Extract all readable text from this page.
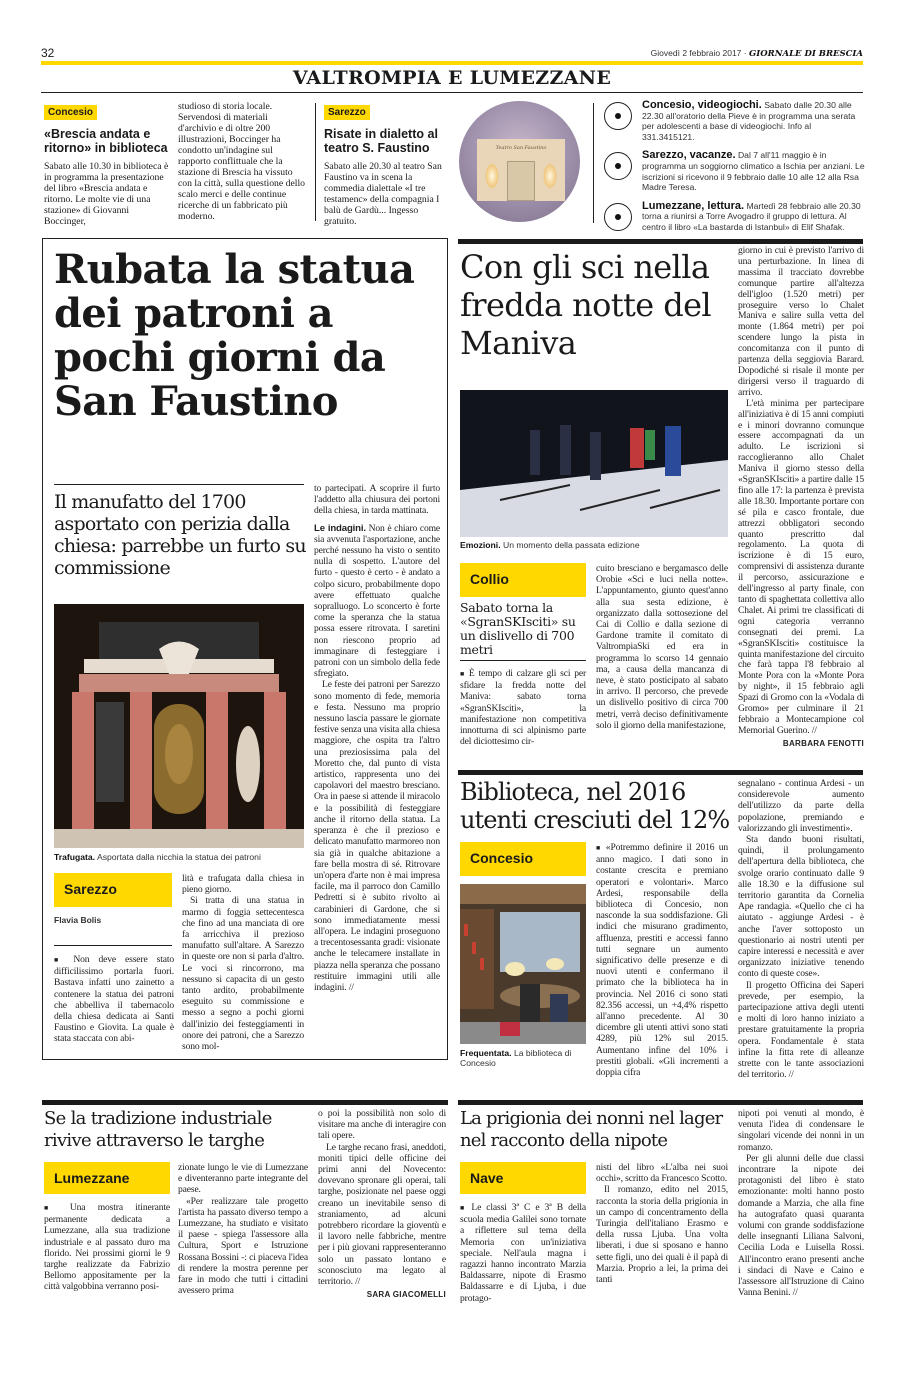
32	Giovedì 2 febbraio 2017 · GIORNALE DI BRESCIA
VALTROMPIA E LUMEZZANE
Concesio
«Brescia andata e ritorno» in biblioteca
Sabato alle 10.30 in biblioteca è in programma la presentazione del libro «Brescia andata e ritorno. Le molte vie di una stazione» di Giovanni Boccinger,
studioso di storia locale. Servendosi di materiali d'archivio e di oltre 200 illustrazioni, Boccinger ha condotto un'indagine sul rapporto conflittuale che la stazione di Brescia ha vissuto con la città, sulla questione dello scalo merci e delle continue ricerche di un fabbricato più moderno.
Sarezzo
Risate in dialetto al teatro S. Faustino
Sabato alle 20.30 al teatro San Faustino va in scena la commedia dialettale «I tre testamenc» della compagnia I balù de Gardù... Ingesso gratuito.
Teatro San Faustino
Concesio, videogiochi. Sabato dalle 20.30 alle 22.30 all'oratorio della Pieve è in programma una serata per adolescenti a base di videogiochi. Info al 331.3415121.
Sarezzo, vacanze. Dal 7 all'11 maggio è in programma un soggiorno climatico a Ischia per anziani. Le iscrizioni si ricevono il 9 febbraio dalle 10 alle 12 alla Rsa Madre Teresa.
Lumezzane, lettura. Martedì 28 febbraio alle 20.30 torna a riunirsi a Torre Avogadro il gruppo di lettura. Al centro il libro «La bastarda di Istanbul» di Elif Shafak.
Rubata la statua dei patroni a pochi giorni da San Faustino
Il manufatto del 1700 asportato con perizia dalla chiesa: parrebbe un furto su commissione
Trafugata. Asportata dalla nicchia la statua dei patroni
Sarezzo
Flavia Bolis

■ Non deve essere stato difficilissimo portarla fuori. Bastava infatti uno zainetto a contenere la statua dei patroni che abbelliva il tabernacolo della chiesa dedicata ai Santi Faustino e Giovita. La quale è stata staccata con abi-

lità e trafugata dalla chiesa in pieno giorno.

Si tratta di una statua in marmo di foggia settecentesca che fino ad una manciata di ore fa arricchiva il prezioso manufatto sull'altare. A Sarezzo in queste ore non si parla d'altro. Le voci si rincorrono, ma nessuno si capacita di un gesto tanto ardito, probabilmente eseguito su commissione e messo a segno a pochi giorni dall'inizio dei festeggiamenti in onore dei patroni, che a Sarezzo sono mol-

to partecipati. A scoprire il furto l'addetto alla chiusura dei portoni della chiesa, in tarda mattinata.

Le indagini. Non è chiaro come sia avvenuta l'asportazione, anche perché nessuno ha visto o sentito nulla di sospetto. L'autore del furto - questo è certo - è andato a colpo sicuro, probabilmente dopo avere effettuato qualche sopralluogo. Lo sconcerto è forte come la speranza che la statua possa essere ritrovata. I saretini non riescono proprio ad immaginare di festeggiare i patroni con un simbolo della fede sfregiato.

Le feste dei patroni per Sarezzo sono momento di fede, memoria e festa. Nessuno ma proprio nessuno lascia passare le giornate festive senza una visita alla chiesa maggiore, che ospita tra l'altro una preziosissima pala del Moretto che, dal punto di vista artistico, rappresenta uno dei capolavori del maestro bresciano. Ora in paese si attende il miracolo e la possibilità di festeggiare anche il ritorno della statua. La speranza è che il prezioso e delicato manufatto marmoreo non sia già in qualche abitazione a fare bella mostra di sé. Ritrovare un'opera d'arte non è mai impresa facile, ma il parroco don Camillo Pedretti si è subito rivolto ai carabinieri di Gardone, che si sono immediatamente messi all'opera. Le indagini proseguono a trecentosessanta gradi: visionate anche le telecamere installate in piazza nella speranza che possano restituire immagini utili alle indagini. //

Con gli sci nella fredda notte del Maniva
Emozioni. Un momento della passata edizione
Collio
Sabato torna la «SgranSKIsciti» su un dislivello di 700 metri

■ È tempo di calzare gli sci per sfidare la fredda notte del Maniva: sabato torna «SgranSKIsciti», la manifestazione non competitiva innotturna di sci alpinismo parte del diciottesimo cir-

cuito bresciano e bergamasco delle Orobie «Sci e luci nella notte». L'appuntamento, giunto quest'anno alla sua sesta edizione, è organizzato dalla sottosezione del Cai di Collio e dalla sezione di Gardone tramite il comitato di ValtrompiaSki ed era in programma lo scorso 14 gennaio ma, a causa della mancanza di neve, è stato posticipato al sabato in arrivo. Il percorso, che prevede un dislivello positivo di circa 700 metri, verrà deciso definitivamente solo il giorno della manifestazione,

giorno in cui è previsto l'arrivo di una perturbazione. In linea di massima il tracciato dovrebbe comunque partire all'altezza dell'igloo (1.520 metri) per proseguire verso lo Chalet Maniva e salire sulla vetta del monte (1.864 metri) per poi scendere lungo la pista in concomitanza con il punto di partenza della seggiovia Barard. Dopodiché si risale il monte per dirigersi verso il traguardo di arrivo.

L'età minima per partecipare all'iniziativa è di 15 anni compiuti e i minori dovranno comunque essere accompagnati da un adulto. Le iscrizioni si raccoglieranno allo Chalet Maniva il giorno stesso della «SgranSKIsciti» a partire dalle 15 fino alle 17: la partenza è prevista alle 18.30. Importante portare con sé pila e casco frontale, due attrezzi obbligatori secondo quanto prescritto dal regolamento. La quota di iscrizione è di 15 euro, comprensivi di assistenza durante il percorso, assicurazione e dell'ingresso al party finale, con tanto di spaghettata collettiva allo Chalet. Ai primi tre classificati di ogni categoria verranno consegnati dei premi. La «SgranSKIsciti» costituisce la quinta manifestazione del circuito che farà tappa l'8 febbraio al Monte Pora con la «Monte Pora by night», il 15 febbraio agli Spazi di Gromo con la «Vodala di Gromo» per culminare il 21 febbraio a Montecampione col Memorial Guerino. //

BARBARA FENOTTI
Biblioteca, nel 2016 utenti cresciuti del 12%
Concesio
Frequentata. La biblioteca di Concesio

■ «Potremmo definire il 2016 un anno magico. I dati sono in costante crescita e premiano operatori e volontari». Marco Ardesi, responsabile della biblioteca di Concesio, non nasconde la sua soddisfazione. Gli indici che misurano gradimento, affluenza, prestiti e accessi fanno tutti segnare un aumento significativo delle presenze e di nuovi utenti e confermano il primato che la biblioteca ha in provincia. Nel 2016 ci sono stati 82.356 accessi, un +4,4% rispetto all'anno precedente. Al 30 dicembre gli utenti attivi sono stati 4289, più 12% sul 2015. Aumentano infine del 10% i prestiti globali. «Gli incrementi a doppia cifra

segnalano - continua Ardesi - un considerevole aumento dell'utilizzo da parte della popolazione, premiando e valorizzando gli investimenti».

Sta dando buoni risultati, quindi, il prolungamento dell'apertura della biblioteca, che svolge orario continuato dalle 9 alle 18.30 e la diffusione sul territorio garantita da Cornelia Ape randagia. «Quello che ci ha aiutato - aggiunge Ardesi - è anche l'aver sottoposto un questionario ai nostri utenti per capire interessi e necessità e aver organizzato iniziative tenendo conto di queste cose».

Il progetto Officina dei Saperi prevede, per esempio, la partecipazione attiva degli utenti e molti di loro hanno iniziato a prestare gratuitamente la propria opera. Fondamentale è stata infine la fitta rete di alleanze strette con le tante associazioni del territorio. //

Se la tradizione industriale rivive attraverso le targhe
Lumezzane

■ Una mostra itinerante permanente dedicata a Lumezzane, alla sua tradizione industriale e al passato duro ma florido. Nei prossimi giorni le 9 targhe realizzate da Fabrizio Bellomo appositamente per la città valgobbina verranno posi-

zionate lungo le vie di Lumezzane e diventeranno parte integrante del paese.

«Per realizzare tale progetto l'artista ha passato diverso tempo a Lumezzane, ha studiato e visitato il paese - spiega l'assessore alla Cultura, Sport e Istruzione Rossana Bossini -: ci piaceva l'idea di rendere la mostra perenne per fare in modo che tutti i cittadini avessero prima

o poi la possibilità non solo di visitare ma anche di interagire con tali opere.

Le targhe recano frasi, aneddoti, moniti tipici delle officine dei primi anni del Novecento: dovevano spronare gli operai, tali targhe, posizionate nel paese oggi creano un inevitabile senso di straniamento, ad alcuni potrebbero ricordare la gioventù e il lavoro nelle fabbriche, mentre per i più giovani rappresenteranno solo un passato lontano e sconosciuto ma legato al territorio. //

SARA GIACOMELLI
La prigionia dei nonni nel lager nel racconto della nipote
Nave

■ Le classi 3ª C e 3ª B della scuola media Galilei sono tornate a riflettere sul tema della Memoria con un'iniziativa speciale. Nell'aula magna i ragazzi hanno incontrato Marzia Baldassarre, nipote di Erasmo Baldassarre e di Ljuba, i due protago-

nisti del libro «L'alba nei suoi occhi», scritto da Francesco Scotto.

Il romanzo, edito nel 2015, racconta la storia della prigionia in un campo di concentramento della Turingia dell'italiano Erasmo e della russa Ljuba. Una volta liberati, i due si sposano e hanno sette figli, uno dei quali è il papà di Marzia. Proprio a lei, la prima dei tanti

nipoti poi venuti al mondo, è venuta l'idea di condensare le singolari vicende dei nonni in un romanzo.

Per gli alunni delle due classi incontrare la nipote dei protagonisti del libro è stato emozionante: molti hanno posto domande a Marzia, che alla fine ha autografato quasi quaranta volumi con grande soddisfazione delle insegnanti Liliana Salvoni, Cecilia Loda e Luisella Rossi. All'incontro erano presenti anche i sindaci di Nave e Caino e l'assessore all'Istruzione di Caino Vanna Benini. //
